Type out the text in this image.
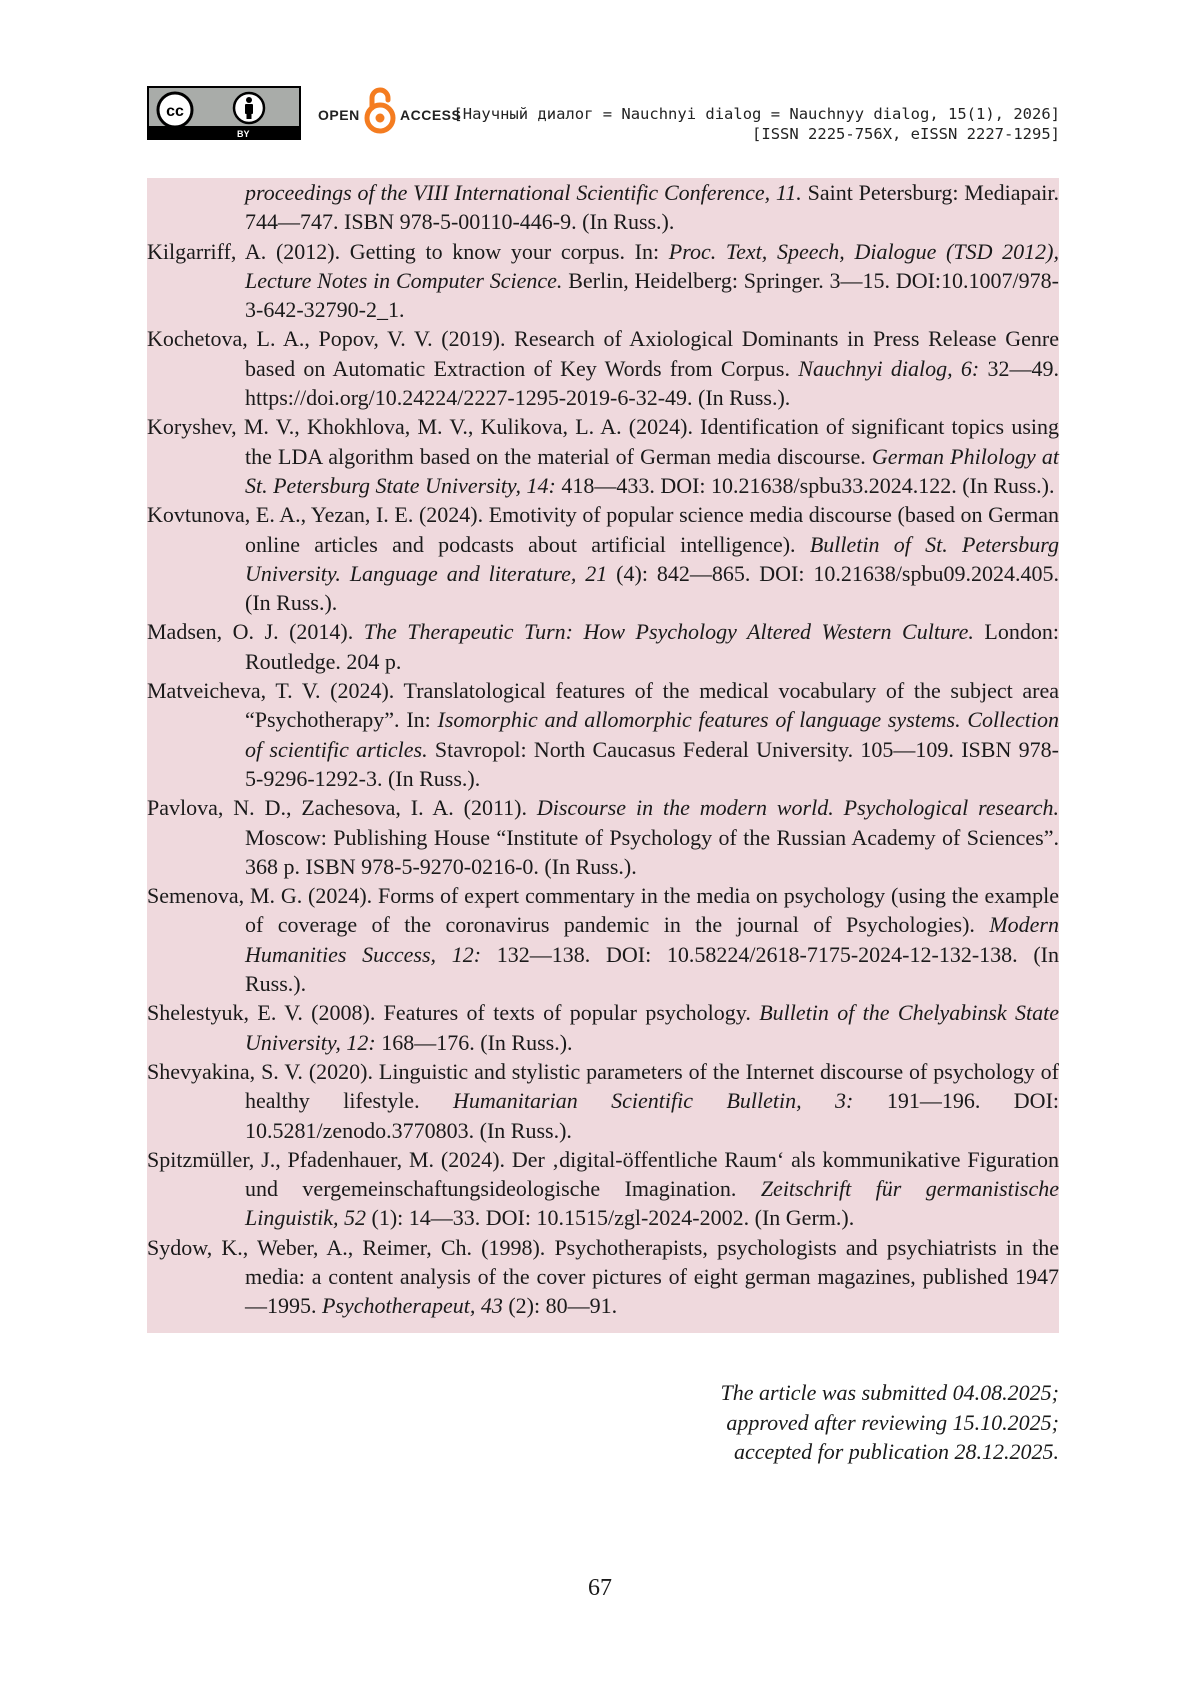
cc
BY
OPEN	ACCESS
[Научный диалог = Nauchnyi dialog = Nauchnyy dialog, 15(1), 2026]
[ISSN 2225-756X, eISSN 2227-1295]

proceedings of the VIII International Scientific Conference, 11. Saint Petersburg: Mediapair. 744—747. ISBN 978-5-00110-446-9. (In Russ.).

Kilgarriff, A. (2012). Getting to know your corpus. In: Proc. Text, Speech, Dialogue (TSD 2012), Lecture Notes in Computer Science. Berlin, Heidelberg: Springer. 3—15. DOI:10.1007/978-3-642-32790-2_1.

Kochetova, L. A., Popov, V. V. (2019). Research of Axiological Dominants in Press Release Genre based on Automatic Extraction of Key Words from Corpus. Nauchnyi dialog, 6: 32—49. https://doi.org/10.24224/2227-1295-2019-6-32-49. (In Russ.).

Koryshev, M. V., Khokhlova, M. V., Kulikova, L. A. (2024). Identification of significant topics using the LDA algorithm based on the material of German media discourse. German Philology at St. Petersburg State University, 14: 418—433. DOI: 10.21638/spbu33.2024.122. (In Russ.).

Kovtunova, E. A., Yezan, I. E. (2024). Emotivity of popular science media discourse (based on German online articles and podcasts about artificial intelligence). Bulletin of St. Petersburg University. Language and literature, 21 (4): 842—865. DOI: 10.21638/spbu09.2024.405. (In Russ.).

Madsen, O. J. (2014). The Therapeutic Turn: How Psychology Altered Western Culture. London: Routledge. 204 p.

Matveicheva, T. V. (2024). Translatological features of the medical vocabulary of the subject area “Psychotherapy”. In: Isomorphic and allomorphic features of language systems. Collection of scientific articles. Stavropol: North Caucasus Federal University. 105—109. ISBN 978-5-9296-1292-3. (In Russ.).

Pavlova, N. D., Zachesova, I. A. (2011). Discourse in the modern world. Psychological research. Moscow: Publishing House “Institute of Psychology of the Russian Academy of Sciences”. 368 p. ISBN 978-5-9270-0216-0. (In Russ.).

Semenova, M. G. (2024). Forms of expert commentary in the media on psychology (using the example of coverage of the coronavirus pandemic in the journal of Psychologies). Modern Humanities Success, 12: 132—138. DOI: 10.58224/2618-7175-2024-12-132-138. (In Russ.).

Shelestyuk, E. V. (2008). Features of texts of popular psychology. Bulletin of the Chelyabinsk State University, 12: 168—176. (In Russ.).

Shevyakina, S. V. (2020). Linguistic and stylistic parameters of the Internet discourse of psychology of healthy lifestyle. Humanitarian Scientific Bulletin, 3: 191—196. DOI: 10.5281/zenodo.3770803. (In Russ.).

Spitzmüller, J., Pfadenhauer, M. (2024). Der ‚digital-öffentliche Raum‘ als kommunikative Figuration und vergemeinschaftungsideologische Imagination. Zeitschrift für germanistische Linguistik, 52 (1): 14—33. DOI: 10.1515/zgl-2024-2002. (In Germ.).

Sydow, K., Weber, A., Reimer, Ch. (1998). Psychotherapists, psychologists and psychiatrists in the media: a content analysis of the cover pictures of eight german magazines, published 1947—1995. Psychotherapeut, 43 (2): 80—91.

The article was submitted 04.08.2025;
approved after reviewing 15.10.2025;
accepted for publication 28.12.2025.
67
